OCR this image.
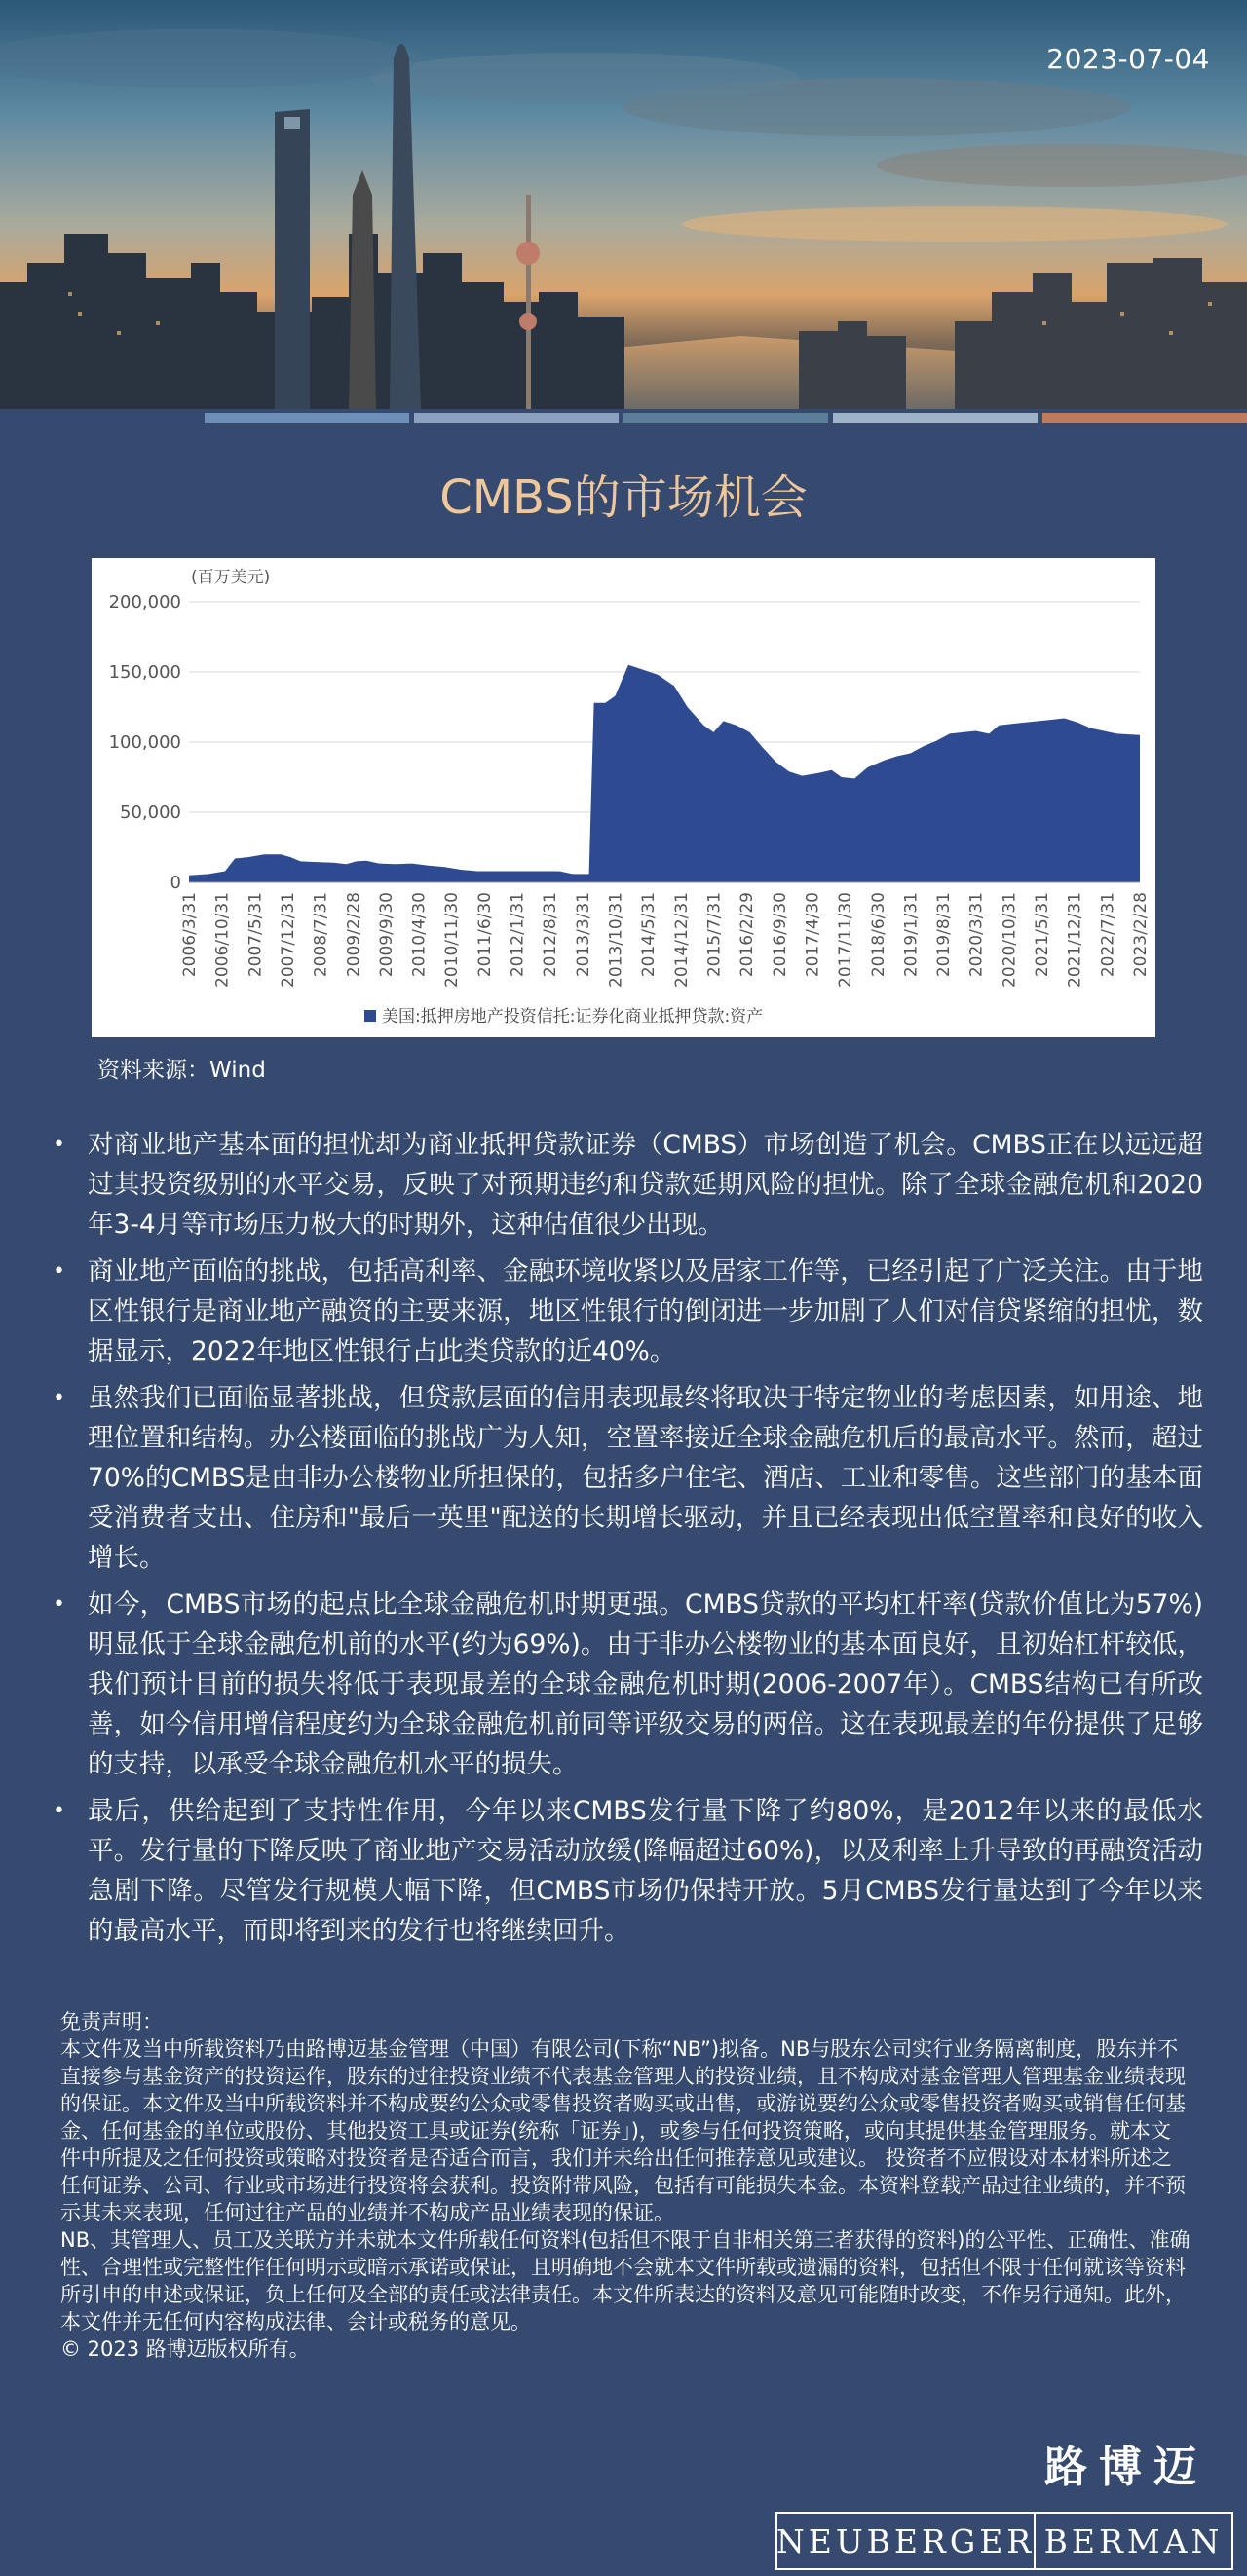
2023-07-04
CMBS的市场机会
200,000
150,000
100,000
50,000
0
(百万美元)
2006/3/31 2006/10/31 2007/5/31 2007/12/31 2008/7/31 2009/2/28 2009/9/30 2010/4/30 2010/11/30 2011/6/30 2012/1/31 2012/8/31 2013/3/31 2013/10/31 2014/5/31 2014/12/31 2015/7/31 2016/2/29 2016/9/30 2017/4/30 2017/11/30 2018/6/30 2019/1/31 2019/8/31 2020/3/31 2020/10/31 2021/5/31 2021/12/31 2022/7/31 2023/2/28
美国:抵押房地产投资信托:证券化商业抵押贷款:资产
资料来源：Wind
• 对商业地产基本面的担忧却为商业抵押贷款证券（CMBS）市场创造了机会。CMBS正在以远远超过其投资级别的水平交易，反映了对预期违约和贷款延期风险的担忧。除了全球金融危机和2020年3-4月等市场压力极大的时期外，这种估值很少出现。
• 商业地产面临的挑战，包括高利率、金融环境收紧以及居家工作等，已经引起了广泛关注。由于地区性银行是商业地产融资的主要来源，地区性银行的倒闭进一步加剧了人们对信贷紧缩的担忧，数据显示，2022年地区性银行占此类贷款的近40%。
• 虽然我们已面临显著挑战，但贷款层面的信用表现最终将取决于特定物业的考虑因素，如用途、地理位置和结构。办公楼面临的挑战广为人知，空置率接近全球金融危机后的最高水平。然而，超过70%的CMBS是由非办公楼物业所担保的，包括多户住宅、酒店、工业和零售。这些部门的基本面受消费者支出、住房和"最后一英里"配送的长期增长驱动，并且已经表现出低空置率和良好的收入增长。
• 如今，CMBS市场的起点比全球金融危机时期更强。CMBS贷款的平均杠杆率(贷款价值比为57%)明显低于全球金融危机前的水平(约为69%)。由于非办公楼物业的基本面良好，且初始杠杆较低，我们预计目前的损失将低于表现最差的全球金融危机时期(2006-2007年）。CMBS结构已有所改善，如今信用增信程度约为全球金融危机前同等评级交易的两倍。这在表现最差的年份提供了足够的支持，以承受全球金融危机水平的损失。
• 最后，供给起到了支持性作用，今年以来CMBS发行量下降了约80%，是2012年以来的最低水平。发行量的下降反映了商业地产交易活动放缓(降幅超过60%)，以及利率上升导致的再融资活动急剧下降。尽管发行规模大幅下降，但CMBS市场仍保持开放。5月CMBS发行量达到了今年以来的最高水平，而即将到来的发行也将继续回升。

免责声明：

本文件及当中所载资料乃由路博迈基金管理（中国）有限公司(下称“NB”)拟备。NB与股东公司实行业务隔离制度，股东并不直接参与基金资产的投资运作，股东的过往投资业绩不代表基金管理人的投资业绩，且不构成对基金管理人管理基金业绩表现的保证。本文件及当中所载资料并不构成要约公众或零售投资者购买或出售，或游说要约公众或零售投资者购买或销售任何基金、任何基金的单位或股份、其他投资工具或证券(统称「证券」)，或参与任何投资策略，或向其提供基金管理服务。就本文件中所提及之任何投资或策略对投资者是否适合而言，我们并未给出任何推荐意见或建议。 投资者不应假设对本材料所述之任何证券、公司、行业或市场进行投资将会获利。投资附带风险，包括有可能损失本金。本资料登载产品过往业绩的，并不预示其未来表现，任何过往产品的业绩并不构成产品业绩表现的保证。

NB、其管理人、员工及关联方并未就本文件所载任何资料(包括但不限于自非相关第三者获得的资料)的公平性、正确性、准确性、合理性或完整性作任何明示或暗示承诺或保证，且明确地不会就本文件所载或遗漏的资料，包括但不限于任何就该等资料所引申的申述或保证，负上任何及全部的责任或法律责任。本文件所表达的资料及意见可能随时改变，不作另行通知。此外，本文件并无任何内容构成法律、会计或税务的意见。

© 2023 路博迈版权所有。

路博迈
NEUBERGER BERMAN
